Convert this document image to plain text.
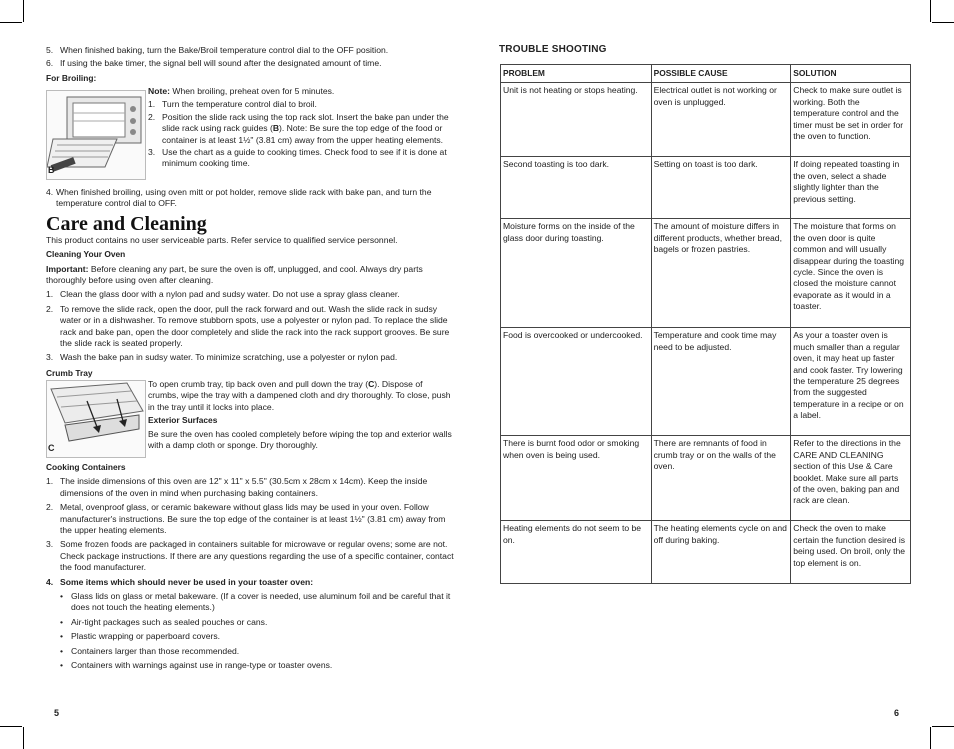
5. When finished baking, turn the Bake/Broil temperature control dial to the OFF position.

6. If using the bake timer, the signal bell will sound after the designated amount of time.

For Broiling:

B

Note: When broiling, preheat oven for 5 minutes.

1. Turn the temperature control dial to broil.

2. Position the slide rack using the top rack slot. Insert the bake pan under the slide rack using rack guides (B). Note: Be sure the top edge of the food or container is at least 1½" (3.81 cm) away from the upper heating elements.

3. Use the chart as a guide to cooking times. Check food to see if it is done at minimum cooking time.

4. When finished broiling, using oven mitt or pot holder, remove slide rack with bake pan, and turn the temperature control dial to OFF.

Care and Cleaning

This product contains no user serviceable parts. Refer service to qualified service personnel.

Cleaning Your Oven

Important: Before cleaning any part, be sure the oven is off, unplugged, and cool. Always dry parts thoroughly before using oven after cleaning.

1. Clean the glass door with a nylon pad and sudsy water. Do not use a spray glass cleaner.

2. To remove the slide rack, open the door, pull the rack forward and out. Wash the slide rack in sudsy water or in a dishwasher. To remove stubborn spots, use a polyester or nylon pad. To replace the slide rack and bake pan, open the door completely and slide the rack into the rack support grooves. Be sure the slide rack is seated properly.

3. Wash the bake pan in sudsy water. To minimize scratching, use a polyester or nylon pad.

Crumb Tray

C

To open crumb tray, tip back oven and pull down the tray (C). Dispose of crumbs, wipe the tray with a dampened cloth and dry thoroughly. To close, push in the tray until it locks into place.

Exterior Surfaces

Be sure the oven has cooled completely before wiping the top and exterior walls with a damp cloth or sponge. Dry thoroughly.

Cooking Containers

1. The inside dimensions of this oven are 12" x 11" x 5.5" (30.5cm x 28cm x 14cm). Keep the inside dimensions of the oven in mind when purchasing baking containers.

2. Metal, ovenproof glass, or ceramic bakeware without glass lids may be used in your oven. Follow manufacturer's instructions. Be sure the top edge of the container is at least 1½" (3.81 cm) away from the upper heating elements.

3. Some frozen foods are packaged in containers suitable for microwave or regular ovens; some are not. Check package instructions. If there are any questions regarding the use of a specific container, contact the food manufacturer.

4. Some items which should never be used in your toaster oven:

• Glass lids on glass or metal bakeware. (If a cover is needed, use aluminum foil and be careful that it does not touch the heating elements.)

• Air-tight packages such as sealed pouches or cans.

• Plastic wrapping or paperboard covers.

• Containers larger than those recommended.

• Containers with warnings against use in range-type or toaster ovens.

5
TROUBLE SHOOTING
PROBLEM	POSSIBLE CAUSE	SOLUTION
Unit is not heating or stops heating.	Electrical outlet is not working or oven is unplugged.	Check to make sure outlet is working. Both the temperature control and the timer must be set in order for the oven to function.
Second toasting is too dark.	Setting on toast is too dark.	If doing repeated toasting in the oven, select a shade slightly lighter than the previous setting.
Moisture forms on the inside of the glass door during toasting.	The amount of moisture differs in different products, whether bread, bagels or frozen pastries.	The moisture that forms on the oven door is quite common and will usually disappear during the toasting cycle. Since the oven is closed the moisture cannot evaporate as it would in a toaster.
Food is overcooked or undercooked.	Temperature and cook time may need to be adjusted.	As your a toaster oven is much smaller than a regular oven, it may heat up faster and cook faster. Try lowering the temperature 25 degrees from the suggested temperature in a recipe or on a label.
There is burnt food odor or smoking when oven is being used.	There are remnants of food in crumb tray or on the walls of the oven.	Refer to the directions in the CARE AND CLEANING section of this Use & Care booklet. Make sure all parts of the oven, baking pan and rack are clean.
Heating elements do not seem to be on.	The heating elements cycle on and off during baking.	Check the oven to make certain the function desired is being used. On broil, only the top element is on.
6
